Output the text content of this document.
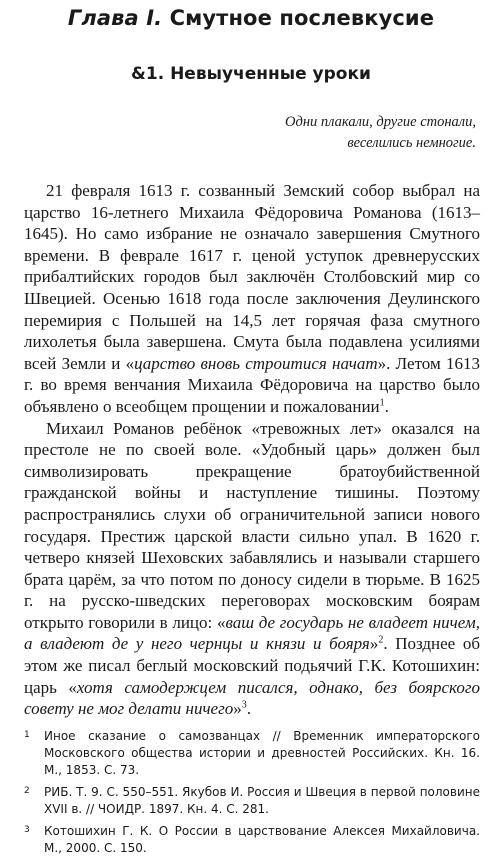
Глава I. Смутное послевкусие
&1. Невыученные уроки
Одни плакали, другие стонали,
веселились немногие.

21 февраля 1613 г. созванный Земский собор выбрал на царство 16-летнего Михаила Фёдоровича Романова (1613–1645). Но само избрание не означало завершения Смутного времени. В феврале 1617 г. ценой уступок древнерусских прибалтийских городов был заключён Столбовский мир со Швецией. Осенью 1618 года после заключения Деулинского перемирия с Польшей на 14,5 лет горячая фаза смутного лихолетья была завершена. Смута была подавлена усилиями всей Земли и «царство вновь строитися начат». Летом 1613 г. во время венчания Михаила Фёдоровича на царство было объявлено о всеобщем прощении и пожаловании$^1$.

Михаил Романов ребёнок «тревожных лет» оказался на престоле не по своей воле. «Удобный царь» должен был символизировать прекращение братоубийственной гражданской войны и наступление тишины. Поэтому распространялись слухи об ограничительной записи нового государя. Престиж царской власти сильно упал. В 1620 г. четверо князей Шеховских забавлялись и называли старшего брата царём, за что потом по доносу сидели в тюрьме. В 1625 г. на русско-шведских переговорах московским боярам открыто говорили в лицо: «ваш де государь не владеет ничем, а владеют де у него чернцы и князи и бояря»$^2$. Позднее об этом же писал беглый московский подьячий Г.К. Котошихин: царь «хотя самодержцем писался, однако, без боярского совету не мог делати ничего»$^3$.

1	Иное сказание о самозванцах // Временник императорского Московского общества истории и древностей Российских. Кн. 16. М., 1853. С. 73.
2	РИБ. Т. 9. С. 550–551. Якубов И. Россия и Швеция в первой половине XVII в. // ЧОИДР. 1897. Кн. 4. С. 281.
3	Котошихин Г. К. О России в царствование Алексея Михайловича. М., 2000. С. 150.
